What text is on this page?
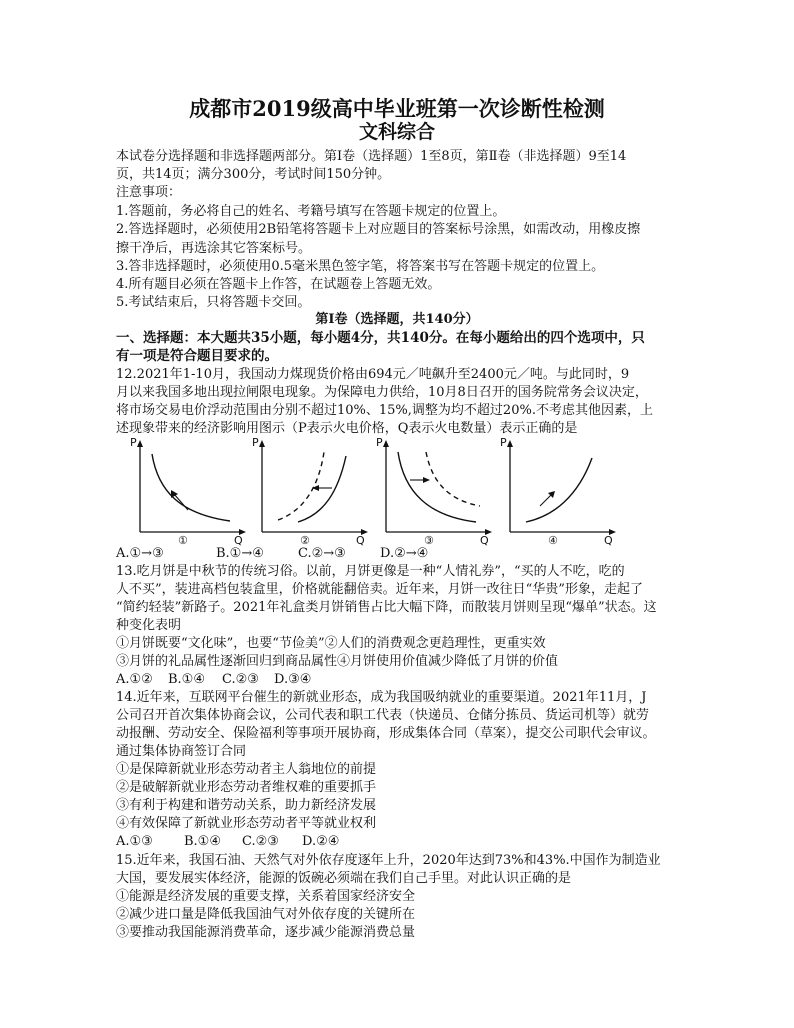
成都市2019级高中毕业班第一次诊断性检测
文科综合
本试卷分选择题和非选择题两部分。第Ⅰ卷（选择题）1至8页，第Ⅱ卷（非选择题）9至14
页，共14页；满分300分，考试时间150分钟。
注意事项：
1.答题前，务必将自己的姓名、考籍号填写在答题卡规定的位置上。
2.答选择题时，必须使用2B铅笔将答题卡上对应题目的答案标号涂黑，如需改动，用橡皮擦
擦干净后，再选涂其它答案标号。
3.答非选择题时，必须使用0.5毫米黑色签字笔，将答案书写在答题卡规定的位置上。
4.所有题目必须在答题卡上作答，在试题卷上答题无效。
5.考试结束后，只将答题卡交回。
第Ⅰ卷（选择题，共140分）
一、选择题：本大题共35小题，每小题4分，共140分。在每小题给出的四个选项中，只
有一项是符合题目要求的。
12.2021年1-10月，我国动力煤现货价格由694元／吨飙升至2400元／吨。与此同时，9
月以来我国多地出现拉闸限电现象。为保障电力供给，10月8日召开的国务院常务会议决定，
将市场交易电价浮动范围由分别不超过10%、15%,调整为均不超过20%.不考虑其他因素，上
述现象带来的经济影响用图示（P表示火电价格，Q表示火电数量）表示正确的是
P
Q
①
P
Q
②
P
Q
③
P
Q
④
A.①→③	B.①→④	C.②→③	D.②→④
13.吃月饼是中秋节的传统习俗。以前，月饼更像是一种“人情礼券”，“买的人不吃，吃的
人不买”，装进高档包装盒里，价格就能翻倍卖。近年来，月饼一改往日“华贵”形象，走起了
“简约轻装”新路子。2021年礼盒类月饼销售占比大幅下降，而散装月饼则呈现“爆单”状态。这
种变化表明
①月饼既要“文化味”，也要“节俭美”②人们的消费观念更趋理性，更重实效
③月饼的礼品属性逐渐回归到商品属性④月饼使用价值减少降低了月饼的价值
A.①② B.①④ C.②③ D.③④
14.近年来，互联网平台催生的新就业形态，成为我国吸纳就业的重要渠道。2021年11月，J
公司召开首次集体协商会议，公司代表和职工代表（快递员、仓储分拣员、货运司机等）就劳
动报酬、劳动安全、保险福利等事项开展协商，形成集体合同（草案），提交公司职代会审议。
通过集体协商签订合同
①是保障新就业形态劳动者主人翁地位的前提
②是破解新就业形态劳动者维权难的重要抓手
③有利于构建和谐劳动关系，助力新经济发展
④有效保障了新就业形态劳动者平等就业权利
A.①③ B.①④ C.②③ D.②④
15.近年来，我国石油、天然气对外依存度逐年上升，2020年达到73%和43%.中国作为制造业
大国，要发展实体经济，能源的饭碗必须端在我们自己手里。对此认识正确的是
①能源是经济发展的重要支撑，关系着国家经济安全
②减少进口量是降低我国油气对外依存度的关键所在
③要推动我国能源消费革命，逐步减少能源消费总量
